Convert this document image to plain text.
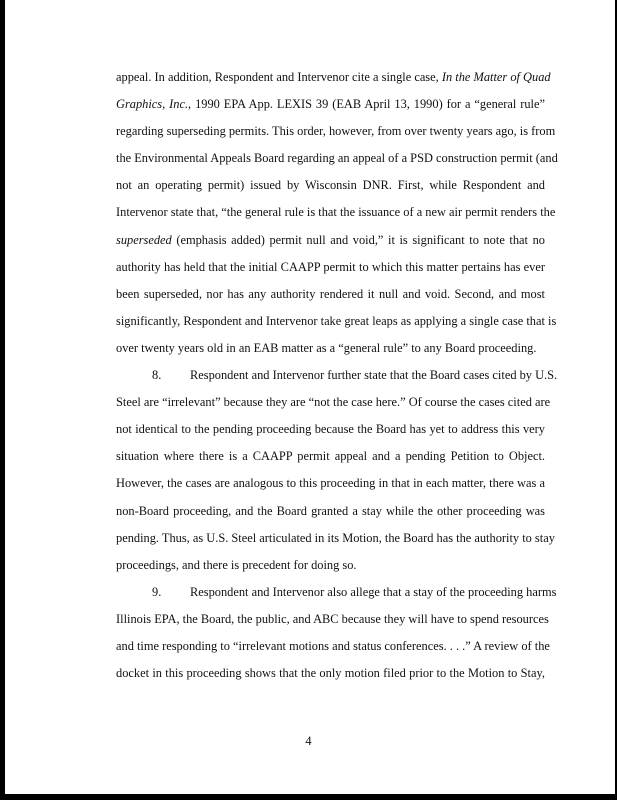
appeal. In addition, Respondent and Intervenor cite a single case, In the Matter of Quad
Graphics, Inc., 1990 EPA App. LEXIS 39 (EAB April 13, 1990) for a “general rule”
regarding superseding permits. This order, however, from over twenty years ago, is from
the Environmental Appeals Board regarding an appeal of a PSD construction permit (and
not an operating permit) issued by Wisconsin DNR. First, while Respondent and
Intervenor state that, “the general rule is that the issuance of a new air permit renders the
superseded (emphasis added) permit null and void,” it is significant to note that no
authority has held that the initial CAAPP permit to which this matter pertains has ever
been superseded, nor has any authority rendered it null and void. Second, and most
significantly, Respondent and Intervenor take great leaps as applying a single case that is
over twenty years old in an EAB matter as a “general rule” to any Board proceeding.
8. Respondent and Intervenor further state that the Board cases cited by U.S.
Steel are “irrelevant” because they are “not the case here.” Of course the cases cited are
not identical to the pending proceeding because the Board has yet to address this very
situation where there is a CAAPP permit appeal and a pending Petition to Object.
However, the cases are analogous to this proceeding in that in each matter, there was a
non-Board proceeding, and the Board granted a stay while the other proceeding was
pending. Thus, as U.S. Steel articulated in its Motion, the Board has the authority to stay
proceedings, and there is precedent for doing so.
9. Respondent and Intervenor also allege that a stay of the proceeding harms
Illinois EPA, the Board, the public, and ABC because they will have to spend resources
and time responding to “irrelevant motions and status conferences. . . .” A review of the
docket in this proceeding shows that the only motion filed prior to the Motion to Stay,
4
